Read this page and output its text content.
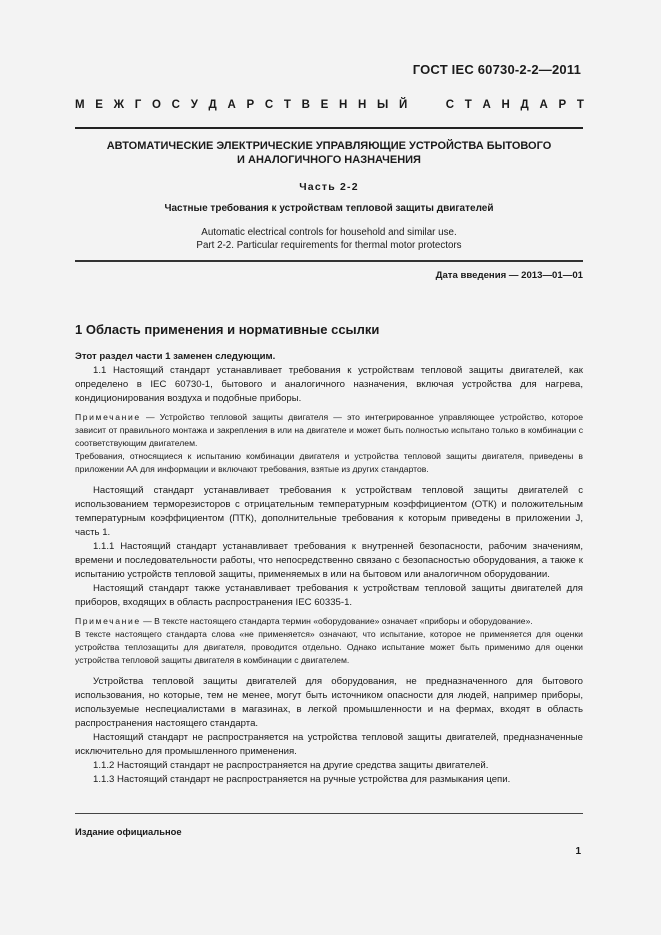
ГОСТ IEC 60730-2-2—2011
М Е Ж Г О С У Д А Р С Т В Е Н Н Ы Й

	С Т А Н Д А Р Т
АВТОМАТИЧЕСКИЕ ЭЛЕКТРИЧЕСКИЕ УПРАВЛЯЮЩИЕ УСТРОЙСТВА БЫТОВОГО
И АНАЛОГИЧНОГО НАЗНАЧЕНИЯ
Часть 2-2
Частные требования к устройствам тепловой защиты двигателей
Automatic electrical controls for household and similar use.
Part 2-2. Particular requirements for thermal motor protectors
Дата введения — 2013—01—01
1 Область применения и нормативные ссылки

Этот раздел части 1 заменен следующим.

1.1 Настоящий стандарт устанавливает требования к устройствам тепловой защиты двигателей, как определено в IEC 60730-1, бытового и аналогичного назначения, включая устройства для нагрева, кондиционирования воздуха и подобные приборы.

Примечание — Устройство тепловой защиты двигателя — это интегрированное управляющее устройство, которое зависит от правильного монтажа и закрепления в или на двигателе и может быть полностью испытано только в комбинации с соответствующим двигателем.

Требования, относящиеся к испытанию комбинации двигателя и устройства тепловой защиты двигателя, приведены в приложении АА для информации и включают требования, взятые из других стандартов.

Настоящий стандарт устанавливает требования к устройствам тепловой защиты двигателей с использованием терморезисторов с отрицательным температурным коэффициентом (ОТК) и положительным температурным коэффициентом (ПТК), дополнительные требования к которым приведены в приложении J, часть 1.

1.1.1 Настоящий стандарт устанавливает требования к внутренней безопасности, рабочим значениям, времени и последовательности работы, что непосредственно связано с безопасностью оборудования, а также к испытанию устройств тепловой защиты, применяемых в или на бытовом или аналогичном оборудовании.

Настоящий стандарт также устанавливает требования к устройствам тепловой защиты двигателей для приборов, входящих в область распространения IEC 60335-1.

Примечание — В тексте настоящего стандарта термин «оборудование» означает «приборы и оборудование».

В тексте настоящего стандарта слова «не применяется» означают, что испытание, которое не применяется для оценки устройства теплозащиты для двигателя, проводится отдельно. Однако испытание может быть применимо для оценки устройства тепловой защиты двигателя в комбинации с двигателем.

Устройства тепловой защиты двигателей для оборудования, не предназначенного для бытового использования, но которые, тем не менее, могут быть источником опасности для людей, например приборы, используемые неспециалистами в магазинах, в легкой промышленности и на фермах, входят в область распространения настоящего стандарта.

Настоящий стандарт не распространяется на устройства тепловой защиты двигателей, предназначенные исключительно для промышленного применения.

1.1.2 Настоящий стандарт не распространяется на другие средства защиты двигателей.

1.1.3 Настоящий стандарт не распространяется на ручные устройства для размыкания цепи.

Издание официальное
1
